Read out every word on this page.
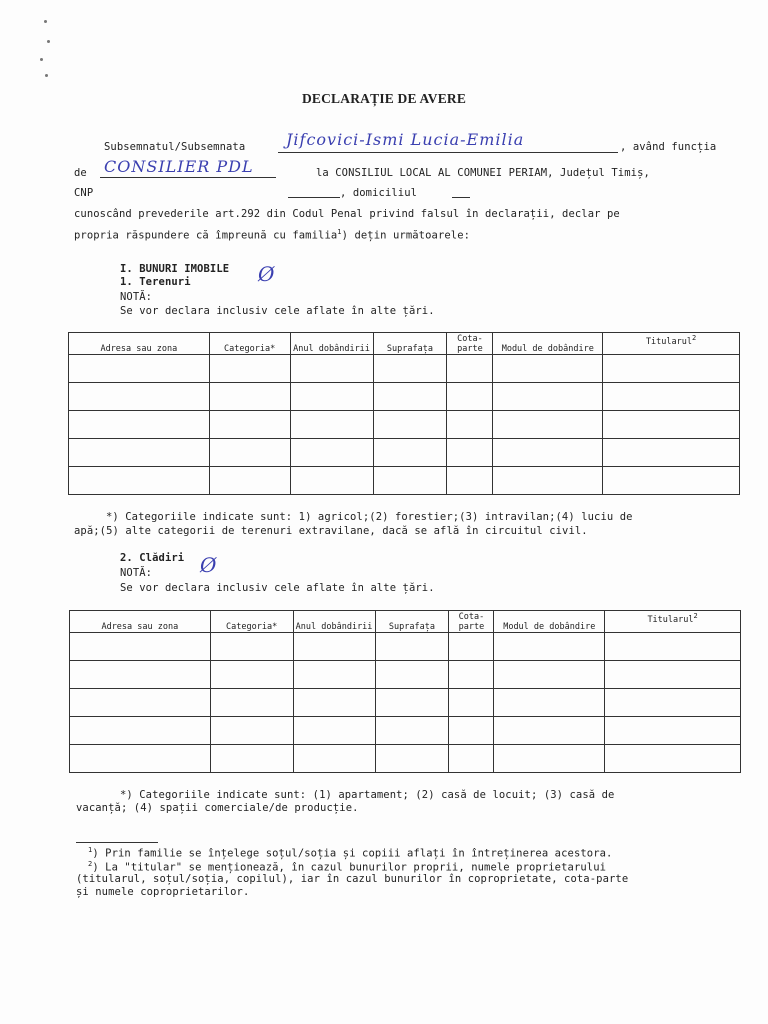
DECLARAȚIE DE AVERE
Subsemnatul/Subsemnata	Jifcovici-Ismi Lucia-Emilia	, având funcția
de CONSILIER PDL	la CONSILIUL LOCAL AL COMUNEI PERIAM, Județul Timiș,
CNP	, domiciliul
cunoscând prevederile art.292 din Codul Penal privind falsul în declarații, declar pe
propria răspundere că împreună cu familia$^1$) dețin următoarele:
I. BUNURI IMOBILE Ø
1. Terenuri
NOTĂ:
Se vor declara inclusiv cele aflate în alte țări.
Adresa sau zona	Categoria*	Anul dobândirii	Suprafața	Cota-parte	Modul de dobândire	Titularul$^2$

*) Categoriile indicate sunt: 1) agricol;(2) forestier;(3) intravilan;(4) luciu de
apă;(5) alte categorii de terenuri extravilane, dacă se află în circuitul civil.
2. Clădiri Ø
NOTĂ:
Se vor declara inclusiv cele aflate în alte țări.
Adresa sau zona	Categoria*	Anul dobândirii	Suprafața	Cota-parte	Modul de dobândire	Titularul$^2$

*) Categoriile indicate sunt: (1) apartament; (2) casă de locuit; (3) casă de
vacanță; (4) spații comerciale/de producție.
$^1$) Prin familie se înțelege soțul/soția și copiii aflați în întreținerea acestora.
$^2$) La "titular" se menționează, în cazul bunurilor proprii, numele proprietarului
(titularul, soțul/soția, copilul), iar în cazul bunurilor în coproprietate, cota-parte
și numele coproprietarilor.
